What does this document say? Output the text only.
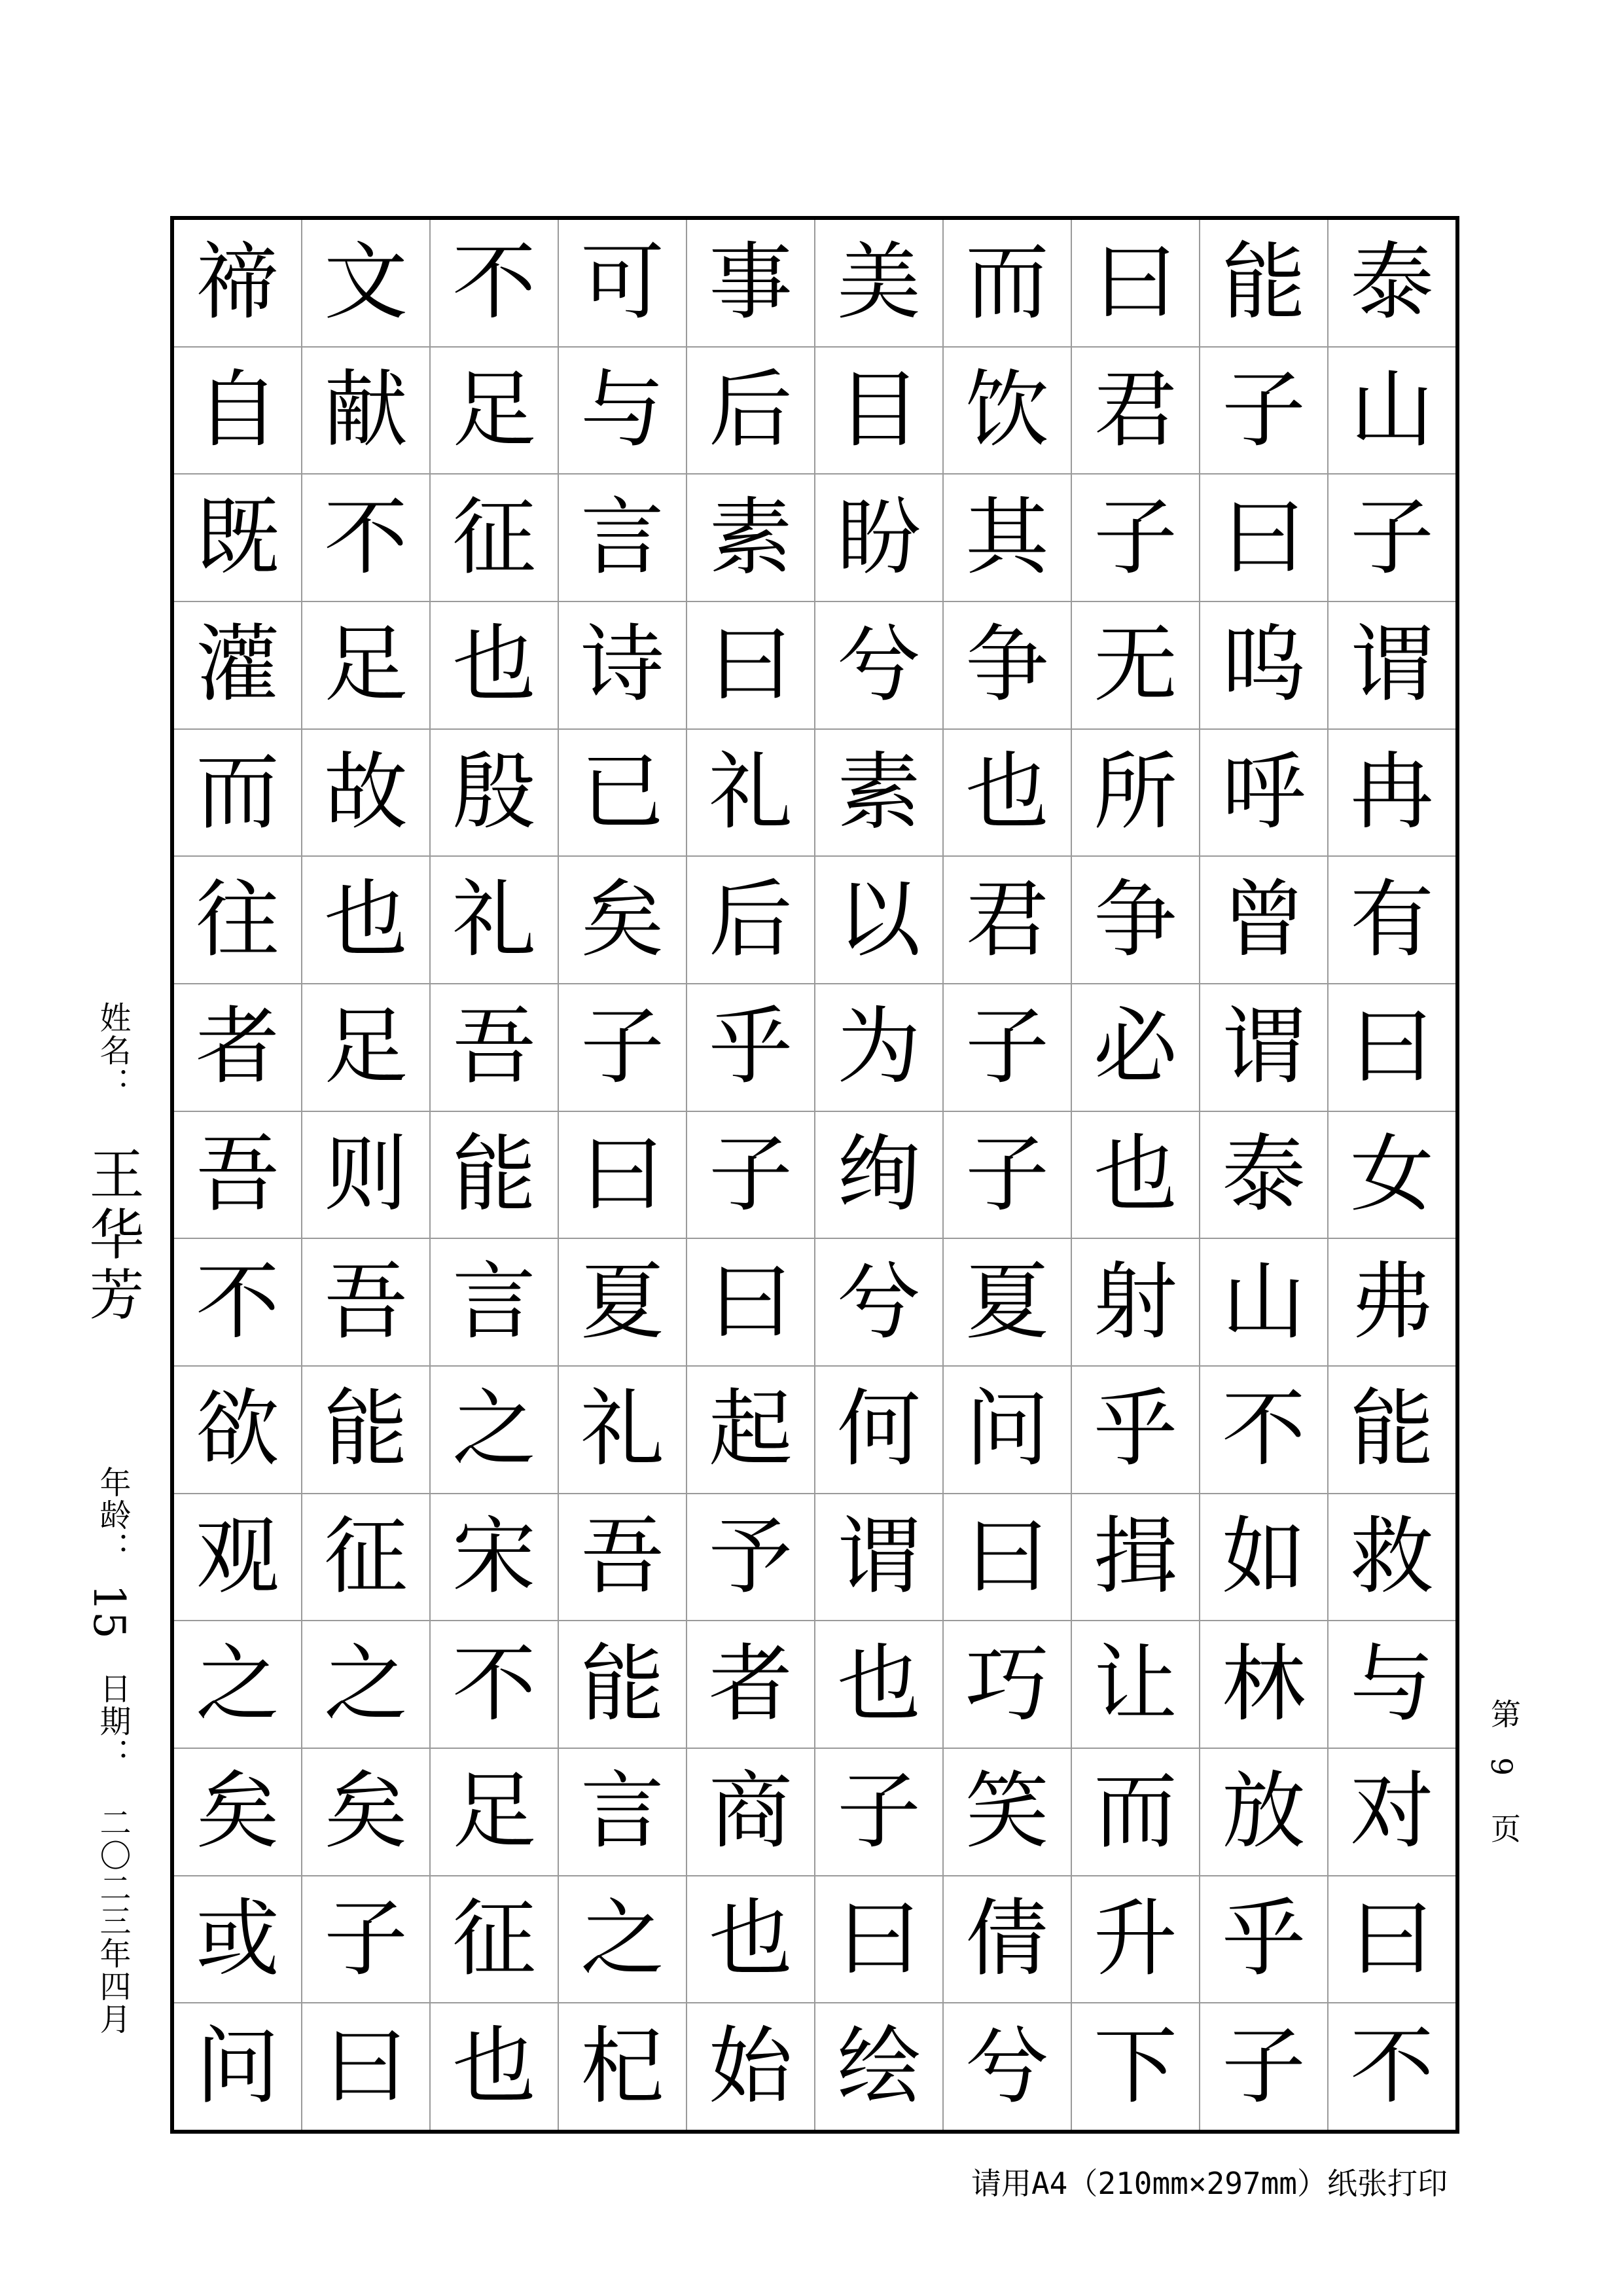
禘
自
既
灌
而
往
者
吾
不
欲
观
之
矣
或
问
文
献
不
足
故
也
足
则
吾
能
征
之
矣
子
曰
不
足
征
也
殷
礼
吾
能
言
之
宋
不
足
征
也
可
与
言
诗
已
矣
子
曰
夏
礼
吾
能
言
之
杞
事
后
素
曰
礼
后
乎
子
曰
起
予
者
商
也
始
美
目
盼
兮
素
以
为
绚
兮
何
谓
也
子
曰
绘
而
饮
其
争
也
君
子
子
夏
问
曰
巧
笑
倩
兮
曰
君
子
无
所
争
必
也
射
乎
揖
让
而
升
下
能
子
曰
呜
呼
曾
谓
泰
山
不
如
林
放
乎
子
泰
山
子
谓
冉
有
曰
女
弗
能
救
与
对
曰
不
姓名：
王华芳
年龄：
15
日期：
二〇二三年四月
第
9
页
请用A4（210mm×297mm）纸张打印
